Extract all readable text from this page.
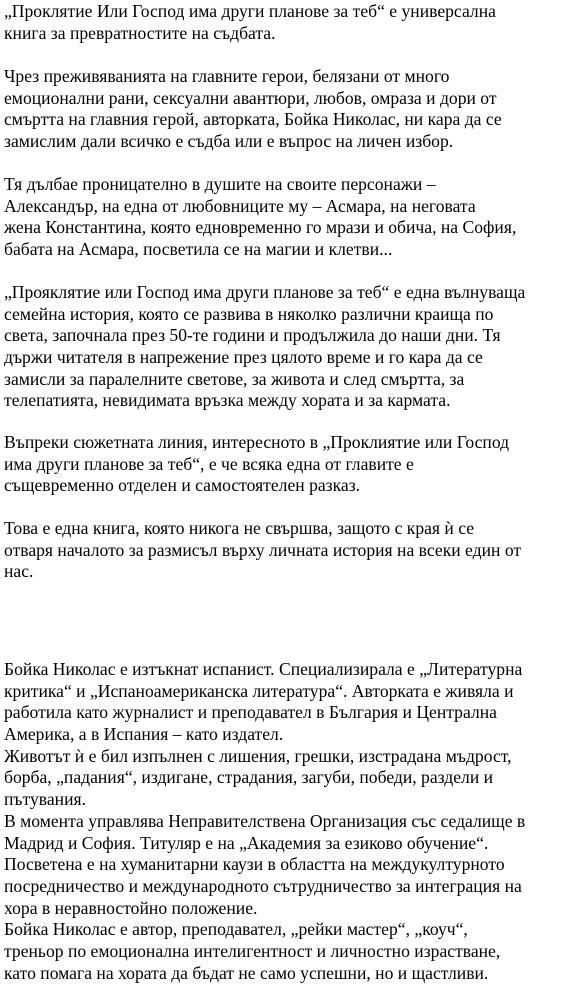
„Проклятие Или Господ има други планове за теб“ е универсална
книга за превратностите на съдбата.
Чрез преживяванията на главните герои, белязани от много
емоционални рани, сексуални авантюри, любов, омраза и дори от
смъртта на главния герой, авторката, Бойка Николас, ни кара да се
замислим дали всичко е съдба или е въпрос на личен избор.
Тя дълбае проницателно в душите на своите персонажи –
Александър, на една от любовниците му – Асмара, на неговата
жена Константина, която едновременно го мрази и обича, на София,
бабата на Асмара, посветила се на магии и клетви...
„Прояклятие или Господ има други планове за теб“ е една вълнуваща
семейна история, която се развива в няколко различни краища по
света, започнала през 50-те години и продължила до наши дни. Тя
държи читателя в напрежение през цялото време и го кара да се
замисли за паралелните светове, за живота и след смъртта, за
телепатията, невидимата връзка между хората и за кармата.
Въпреки сюжетната линия, интересното в „Проклиятие или Господ
има други планове за теб“, е че всяка една от главите е
същевременно отделен и самостоятелен разказ.
Това е една книга, която никога не свършва, защото с края ѝ се
отваря началото за размисъл върху личната история на всеки един от
нас.
Бойка Николас е изтъкнат испанист. Специализирала е „Литературна
критика“ и „Испаноамериканска литература“. Авторката е живяла и
работила като журналист и преподавател в България и Централна
Америка, а в Испания – като издател.
Животът ѝ е бил изпълнен с лишения, грешки, изстрадана мъдрост,
борба, „падания“, издигане, страдания, загуби, победи, раздели и
пътувания.
В момента управлява Неправителствена Организация със седалище в
Мадрид и София. Титуляр е на „Академия за езиково обучение“.
Посветена е на хуманитарни каузи в областта на междукултурното
посредничество и международното сътрудничество за интеграция на
хора в неравностойно положение.
Бойка Николас е автор, преподавател, „рейки мастер“, „коуч“,
треньор по емоционална интелигентност и личностно израстване,
като помага на хората да бъдат не само успешни, но и щастливи.
